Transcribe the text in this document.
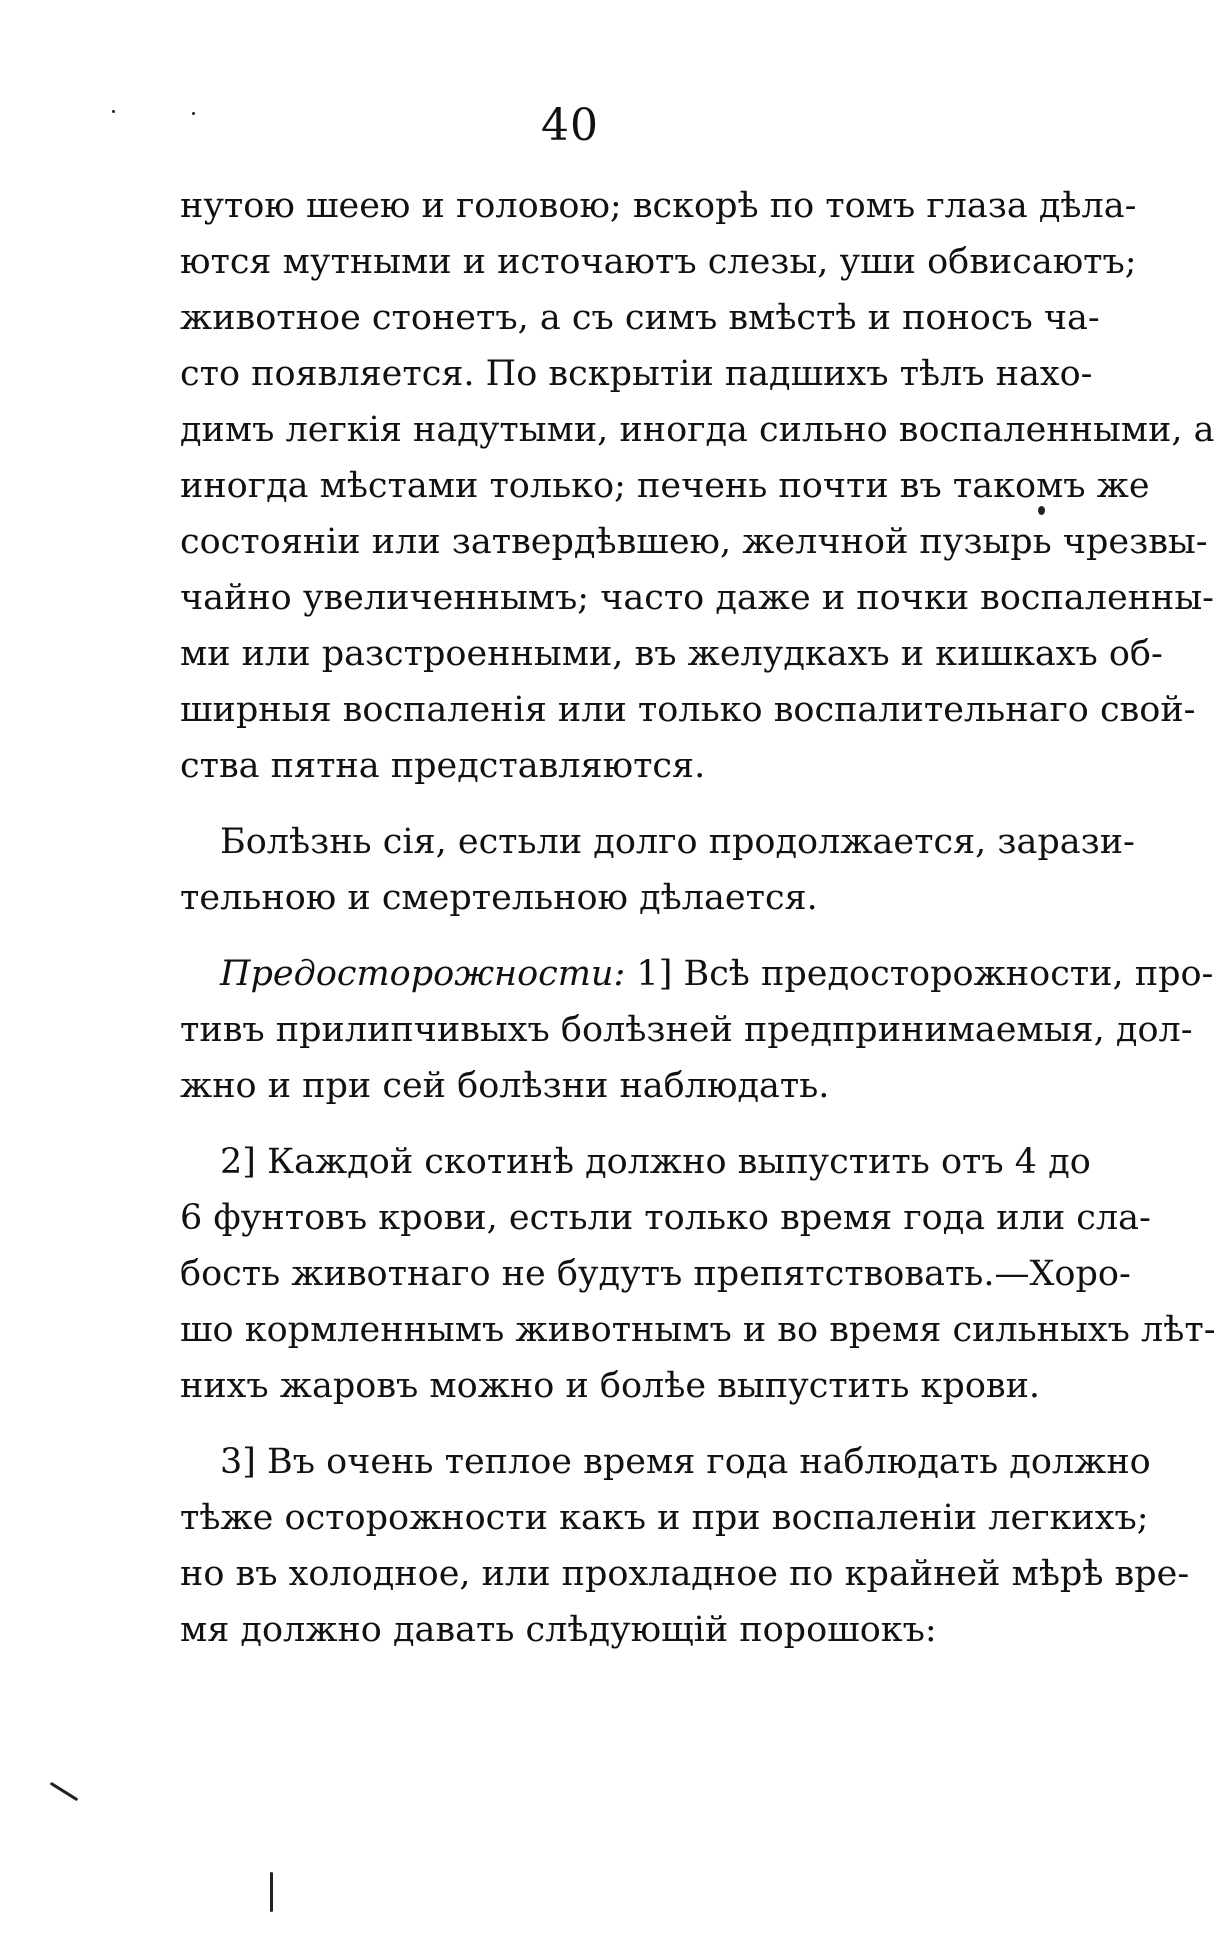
40
нутою шеею и головою; вскорѣ по томъ глаза дѣла-
ются мутными и источаютъ слезы, уши обвисаютъ;
животное стонетъ, а съ симъ вмѣстѣ и поносъ ча-
сто появляется. По вскрытіи падшихъ тѣлъ нахо-
димъ легкія надутыми, иногда сильно воспаленными, а
иногда мѣстами только; печень почти въ такомъ же
состояніи или затвердѣвшею, желчной пузырь чрезвы-
чайно увеличеннымъ; часто даже и почки воспаленны-
ми или разстроенными, въ желудкахъ и кишкахъ об-
ширныя воспаленія или только воспалительнаго свой-
ства пятна представляются.
Болѣзнь сія, естьли долго продолжается, зарази-
тельною и смертельною дѣлается.
Предосторожности: 1] Всѣ предосторожности, про-
тивъ прилипчивыхъ болѣзней предпринимаемыя, дол-
жно и при сей болѣзни наблюдать.
2] Каждой скотинѣ должно выпустить отъ 4 до
6 фунтовъ крови, естьли только время года или сла-
бость животнаго не будутъ препятствовать.—Хоро-
шо кормленнымъ животнымъ и во время сильныхъ лѣт-
нихъ жаровъ можно и болѣе выпустить крови.
3] Въ очень теплое время года наблюдать должно
тѣже осторожности какъ и при воспаленіи легкихъ;
но въ холодное, или прохладное по крайней мѣрѣ вре-
мя должно давать слѣдующій порошокъ:
